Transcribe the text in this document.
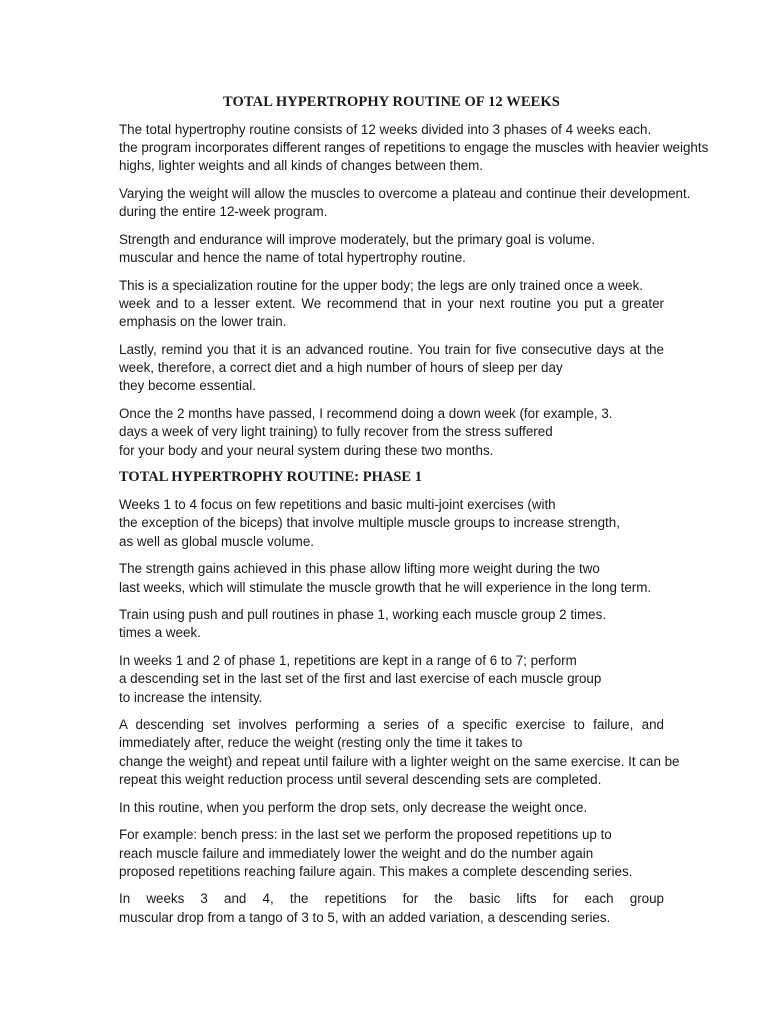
TOTAL HYPERTROPHY ROUTINE OF 12 WEEKS
The total hypertrophy routine consists of 12 weeks divided into 3 phases of 4 weeks each.
the program incorporates different ranges of repetitions to engage the muscles with heavier weights
highs, lighter weights and all kinds of changes between them.
Varying the weight will allow the muscles to overcome a plateau and continue their development.
during the entire 12-week program.
Strength and endurance will improve moderately, but the primary goal is volume.
muscular and hence the name of total hypertrophy routine.
This is a specialization routine for the upper body; the legs are only trained once a week.
week and to a lesser extent. We recommend that in your next routine you put a greater
emphasis on the lower train.
Lastly, remind you that it is an advanced routine. You train for five consecutive days at the
week, therefore, a correct diet and a high number of hours of sleep per day
they become essential.
Once the 2 months have passed, I recommend doing a down week (for example, 3.
days a week of very light training) to fully recover from the stress suffered
for your body and your neural system during these two months.
TOTAL HYPERTROPHY ROUTINE: PHASE 1
Weeks 1 to 4 focus on few repetitions and basic multi-joint exercises (with
the exception of the biceps) that involve multiple muscle groups to increase strength,
as well as global muscle volume.
The strength gains achieved in this phase allow lifting more weight during the two
last weeks, which will stimulate the muscle growth that he will experience in the long term.
Train using push and pull routines in phase 1, working each muscle group 2 times.
times a week.
In weeks 1 and 2 of phase 1, repetitions are kept in a range of 6 to 7; perform
a descending set in the last set of the first and last exercise of each muscle group
to increase the intensity.
A descending set involves performing a series of a specific exercise to failure, and
immediately after, reduce the weight (resting only the time it takes to
change the weight) and repeat until failure with a lighter weight on the same exercise. It can be
repeat this weight reduction process until several descending sets are completed.
In this routine, when you perform the drop sets, only decrease the weight once.
For example: bench press: in the last set we perform the proposed repetitions up to
reach muscle failure and immediately lower the weight and do the number again
proposed repetitions reaching failure again. This makes a complete descending series.
In weeks 3 and 4, the repetitions for the basic lifts for each group
muscular drop from a tango of 3 to 5, with an added variation, a descending series.
